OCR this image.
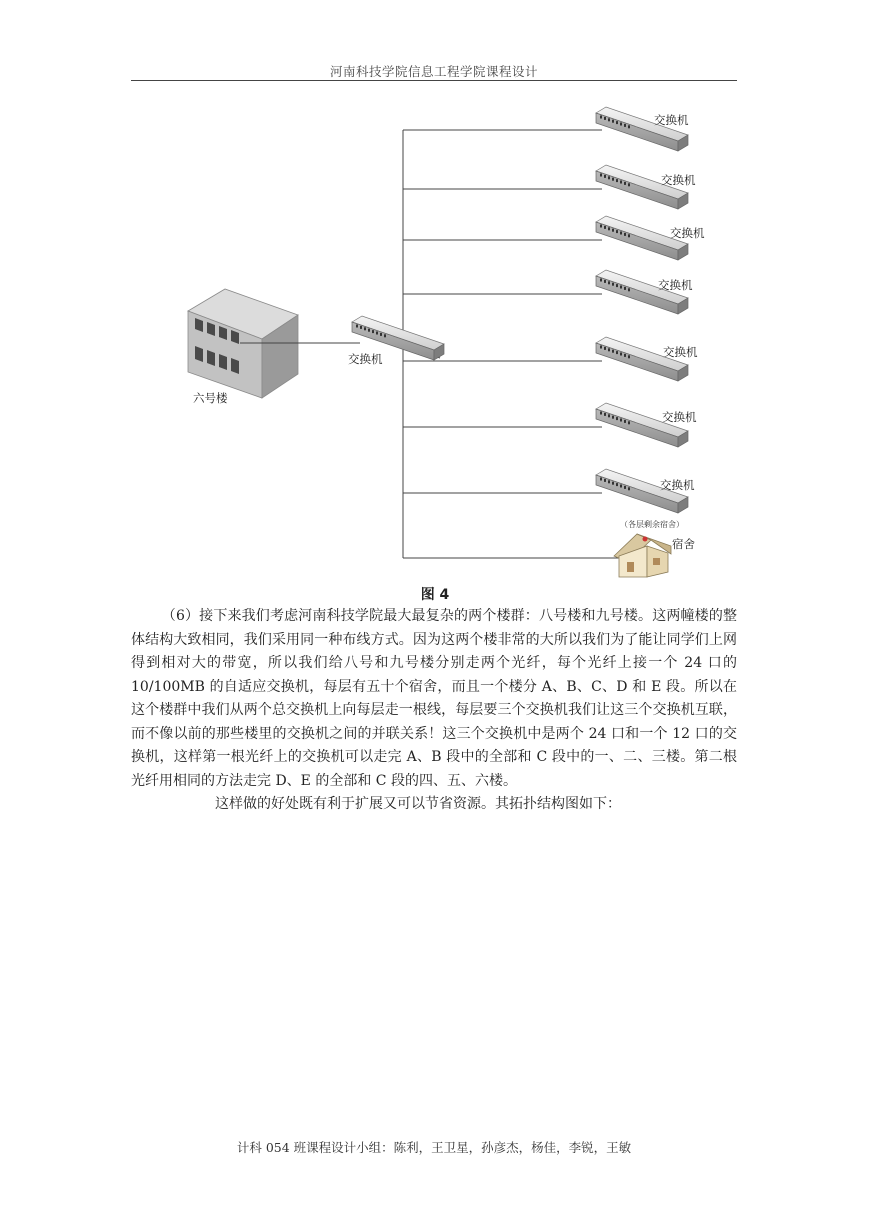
河南科技学院信息工程学院课程设计
六号楼
交换机
交换机
交换机
交换机
交换机
交换机
交换机
交换机
（各层剩余宿舍）
宿舍
图 4

（6）接下来我们考虑河南科技学院最大最复杂的两个楼群：八号楼和九号楼。这两幢楼的整体结构大致相同，我们采用同一种布线方式。因为这两个楼非常的大所以我们为了能让同学们上网得到相对大的带宽，所以我们给八号和九号楼分别走两个光纤，每个光纤上接一个 24 口的 10/100MB 的自适应交换机，每层有五十个宿舍，而且一个楼分 A、B、C、D 和 E 段。所以在这个楼群中我们从两个总交换机上向每层走一根线，每层要三个交换机我们让这三个交换机互联，而不像以前的那些楼里的交换机之间的并联关系！这三个交换机中是两个 24 口和一个 12 口的交换机，这样第一根光纤上的交换机可以走完 A、B 段中的全部和 C 段中的一、二、三楼。第二根光纤用相同的方法走完 D、E 的全部和 C 段的四、五、六楼。

这样做的好处既有利于扩展又可以节省资源。其拓扑结构图如下：

计科 054 班课程设计小组：陈利，王卫星，孙彦杰，杨佳，李锐，王敏
